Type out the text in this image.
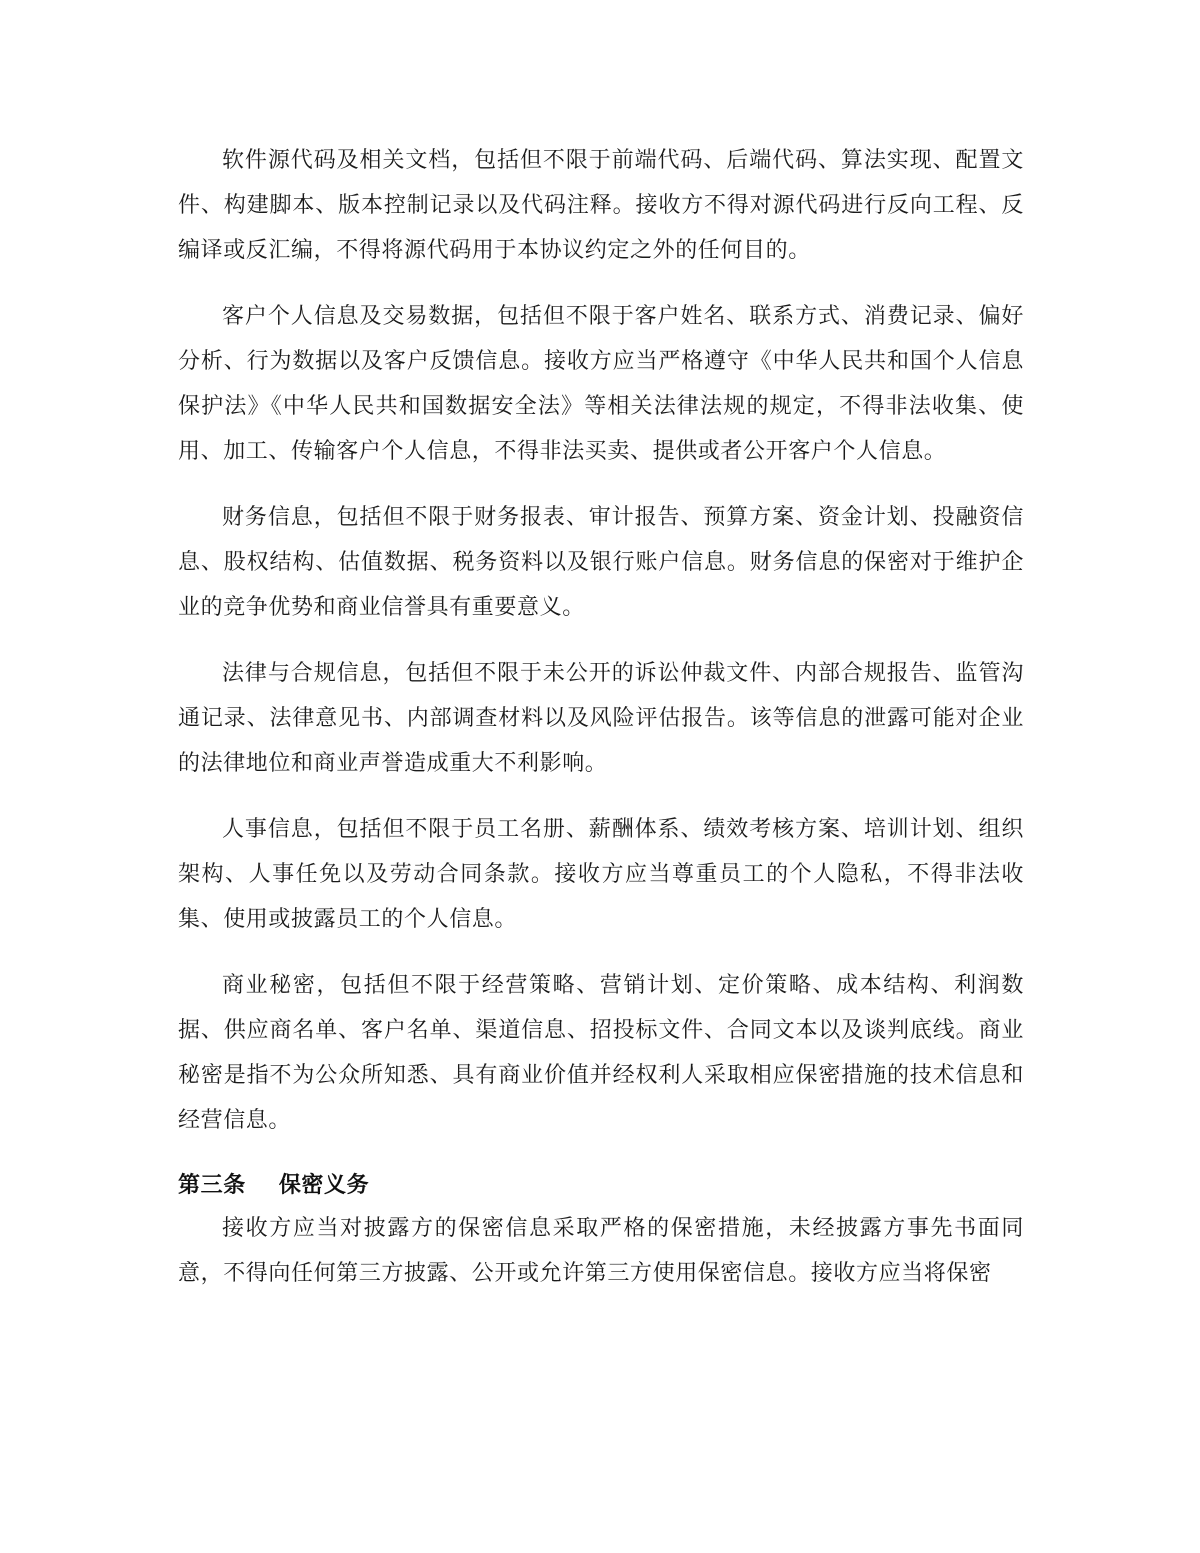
软件源代码及相关文档，包括但不限于前端代码、后端代码、算法实现、配置文件、构建脚本、版本控制记录以及代码注释。接收方不得对源代码进行反向工程、反编译或反汇编，不得将源代码用于本协议约定之外的任何目的。

客户个人信息及交易数据，包括但不限于客户姓名、联系方式、消费记录、偏好分析、行为数据以及客户反馈信息。接收方应当严格遵守《中华人民共和国个人信息保护法》《中华人民共和国数据安全法》等相关法律法规的规定，不得非法收集、使用、加工、传输客户个人信息，不得非法买卖、提供或者公开客户个人信息。

财务信息，包括但不限于财务报表、审计报告、预算方案、资金计划、投融资信息、股权结构、估值数据、税务资料以及银行账户信息。财务信息的保密对于维护企业的竞争优势和商业信誉具有重要意义。

法律与合规信息，包括但不限于未公开的诉讼仲裁文件、内部合规报告、监管沟通记录、法律意见书、内部调查材料以及风险评估报告。该等信息的泄露可能对企业的法律地位和商业声誉造成重大不利影响。

人事信息，包括但不限于员工名册、薪酬体系、绩效考核方案、培训计划、组织架构、人事任免以及劳动合同条款。接收方应当尊重员工的个人隐私，不得非法收集、使用或披露员工的个人信息。

商业秘密，包括但不限于经营策略、营销计划、定价策略、成本结构、利润数据、供应商名单、客户名单、渠道信息、招投标文件、合同文本以及谈判底线。商业秘密是指不为公众所知悉、具有商业价值并经权利人采取相应保密措施的技术信息和经营信息。

第三条    保密义务

接收方应当对披露方的保密信息采取严格的保密措施，未经披露方事先书面同意，不得向任何第三方披露、公开或允许第三方使用保密信息。接收方应当将保密
